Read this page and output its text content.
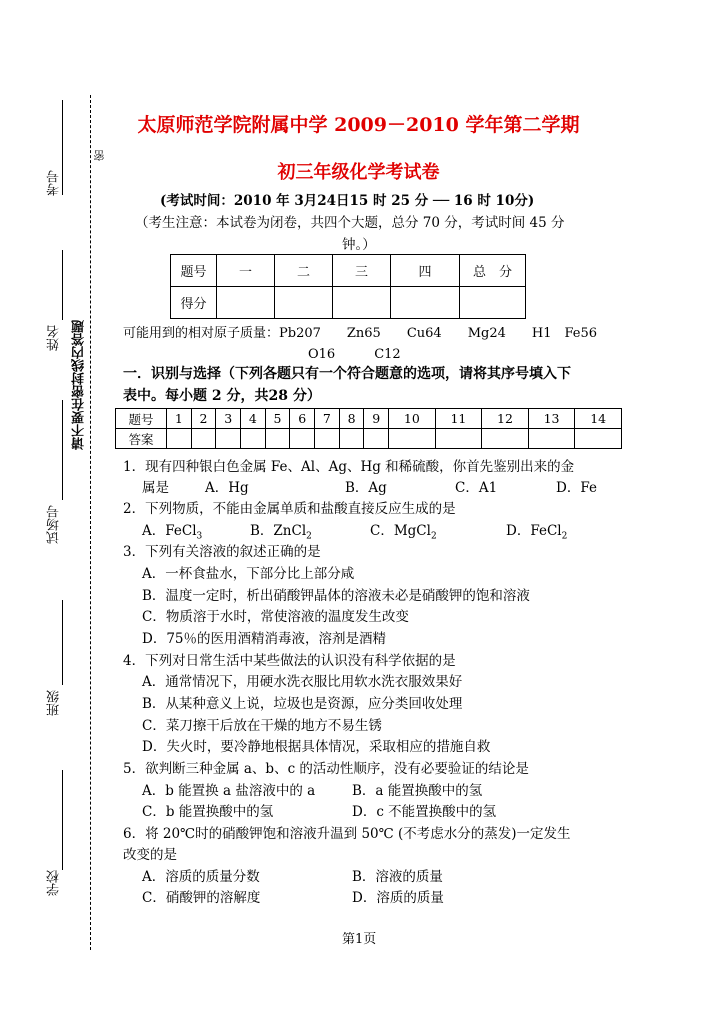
考号
密
姓名 请不要在密封线内答题
试场号
班级
学校
太原师范学院附属中学 2009－2010 学年第二学期
初三年级化学考试卷
(考试时间：2010 年 3月24日15 时 25 分 ── 16 时 10分)
（考生注意：本试卷为闭卷，共四个大题，总分 70 分，考试时间 45 分
钟。）
题号	一	二	三	四	总　分
得分					
可能用到的相对原子质量：Pb207　　Zn65　　Cu64　　Mg24　　H1　Fe56
O16　　　C12
一．识别与选择（下列各题只有一个符合题意的选项，请将其序号填入下
表中。每小题 2 分，共28 分）
题号	1	2	3	4	5	6	7	8	9	10	11	12	13	14
答案														
1．现有四种银白色金属 Fe、Al、Ag、Hg 和稀硫酸，你首先鉴别出来的金
属是	A．Hg	B．Ag	C．A1	D．Fe
2．下列物质，不能由金属单质和盐酸直接反应生成的是
A．FeCl$_3$	B．ZnCl$_2$	C．MgCl$_2$	D．FeCl$_2$
3．下列有关溶液的叙述正确的是
A．一杯食盐水，下部分比上部分咸
B．温度一定时，析出硝酸钾晶体的溶液未必是硝酸钾的饱和溶液
C．物质溶于水时，常使溶液的温度发生改变
D．75％的医用酒精消毒液，溶剂是酒精
4．下列对日常生活中某些做法的认识没有科学依据的是
A．通常情况下，用硬水洗衣服比用软水洗衣服效果好
B．从某种意义上说，垃圾也是资源，应分类回收处理
C．菜刀擦干后放在干燥的地方不易生锈
D．失火时，要冷静地根据具体情况，采取相应的措施自救
5．欲判断三种金属 a、b、c 的活动性顺序，没有必要验证的结论是
A．b 能置换 a 盐溶液中的 a	B．a 能置换酸中的氢
C．b 能置换酸中的氢	D．c 不能置换酸中的氢
6．将 20℃时的硝酸钾饱和溶液升温到 50℃ (不考虑水分的蒸发)一定发生
改变的是
A．溶质的质量分数	B．溶液的质量
C．硝酸钾的溶解度	D．溶质的质量
第1页
